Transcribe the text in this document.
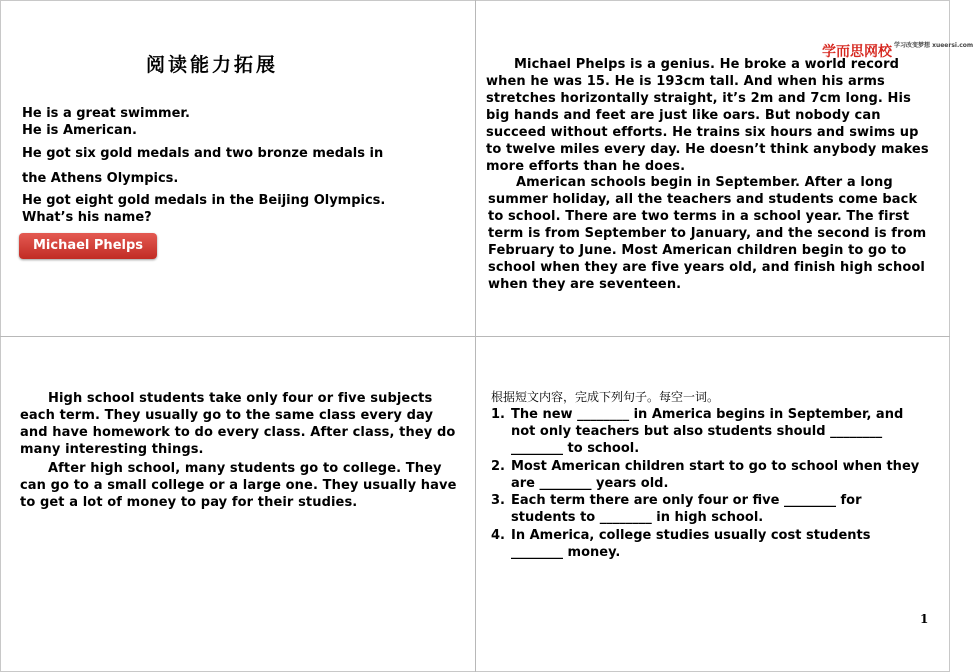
阅读能力拓展
He is a great swimmer.
He is American.
He got six gold medals and two bronze medals in
the Athens Olympics.
He got eight gold medals in the Beijing Olympics.
What’s his name?
Michael Phelps
学而思网校 学习改变梦想 xueersi.com
Michael Phelps is a genius. He broke a world record when he was 15. He is 193cm tall. And when his arms stretches horizontally straight, it’s 2m and 7cm long. His big hands and feet are just like oars. But nobody can succeed without efforts. He trains six hours and swims up to twelve miles every day. He doesn’t think anybody makes more efforts than he does.
American schools begin in September. After a long summer holiday, all the teachers and students come back to school. There are two terms in a school year. The first term is from September to January, and the second is from February to June. Most American children begin to go to school when they are five years old, and finish high school when they are seventeen.
High school students take only four or five subjects each term. They usually go to the same class every day and have homework to do every class. After class, they do many interesting things.
After high school, many students go to college. They can go to a small college or a large one. They usually have to get a lot of money to pay for their studies.
根据短文内容，完成下列句子。每空一词。
1. The new ________ in America begins in September, and not only teachers but also students should ________ ________ to school.
2. Most American children start to go to school when they are ________ years old.
3. Each term there are only four or five ________ for students to ________ in high school.
4. In America, college studies usually cost students ________ money.
1
